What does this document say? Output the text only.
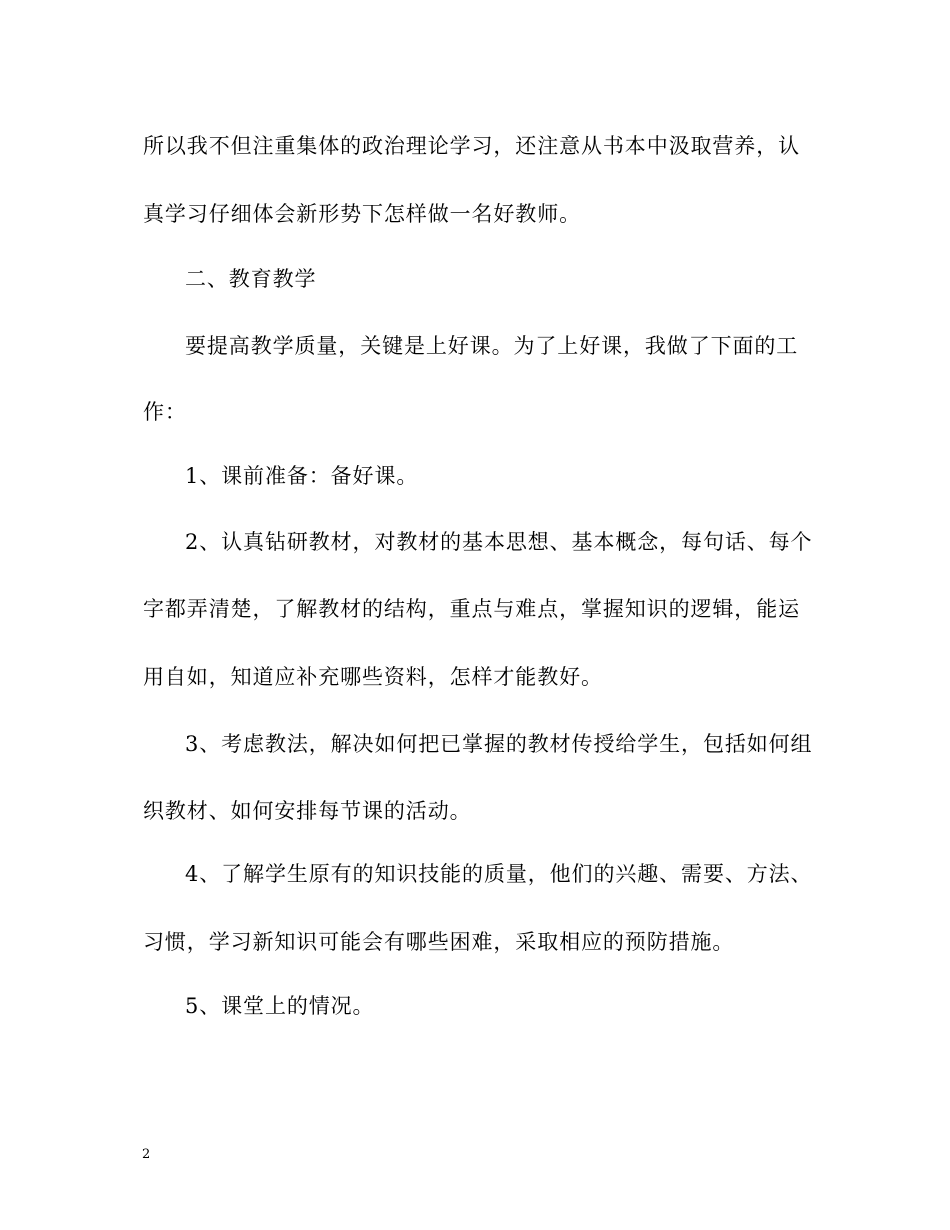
所以我不但注重集体的政治理论学习，还注意从书本中汲取营养，认
真学习仔细体会新形势下怎样做一名好教师。
二、教育教学
要提高教学质量，关键是上好课。为了上好课，我做了下面的工
作：
1、课前准备：备好课。
2、认真钻研教材，对教材的基本思想、基本概念，每句话、每个
字都弄清楚，了解教材的结构，重点与难点，掌握知识的逻辑，能运
用自如，知道应补充哪些资料，怎样才能教好。
3、考虑教法，解决如何把已掌握的教材传授给学生，包括如何组
织教材、如何安排每节课的活动。
4、了解学生原有的知识技能的质量，他们的兴趣、需要、方法、
习惯，学习新知识可能会有哪些困难，采取相应的预防措施。
5、课堂上的情况。
2
